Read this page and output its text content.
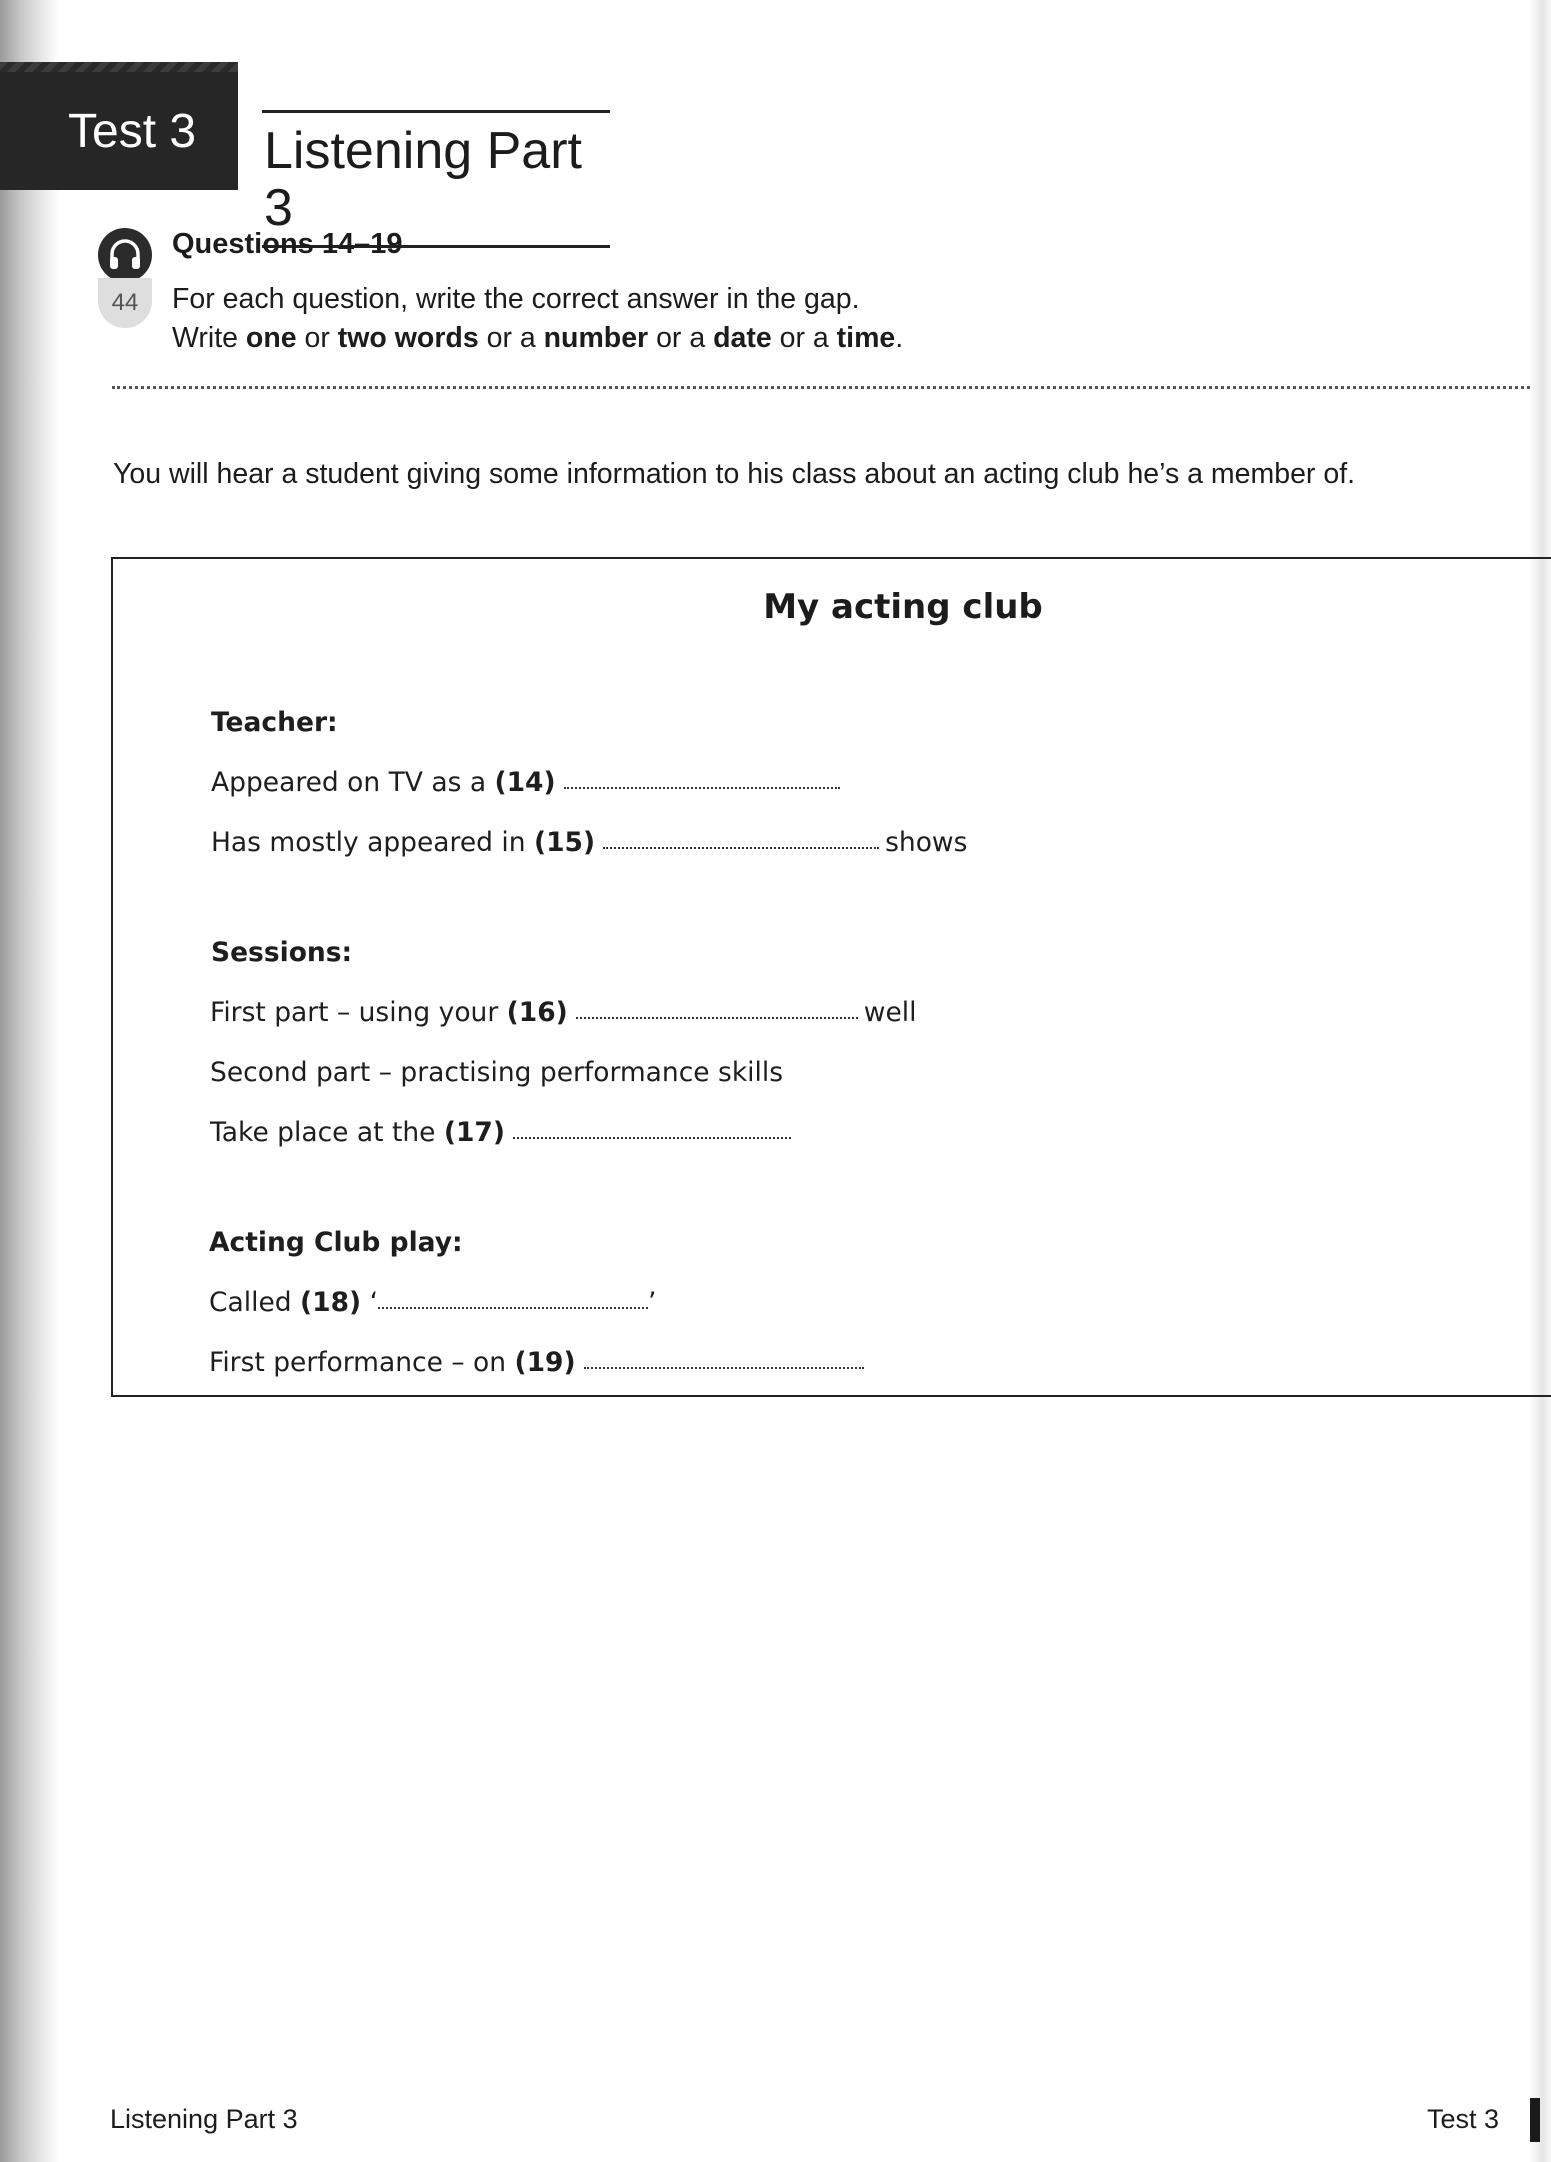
Test 3 Listening Part 3
44
Questions 14–19
For each question, write the correct answer in the gap.
Write one or two words or a number or a date or a time.
You will hear a student giving some information to his class about an acting club he’s a member of.
My acting club
Teacher:
Appeared on TV as a (14)
Has mostly appeared in (15)	shows
Sessions:
First part – using your (16)	well
Second part – practising performance skills
Take place at the (17)
Acting Club play:
Called (18) ‘	’
First performance – on (19)
Listening Part 3	Test 3
